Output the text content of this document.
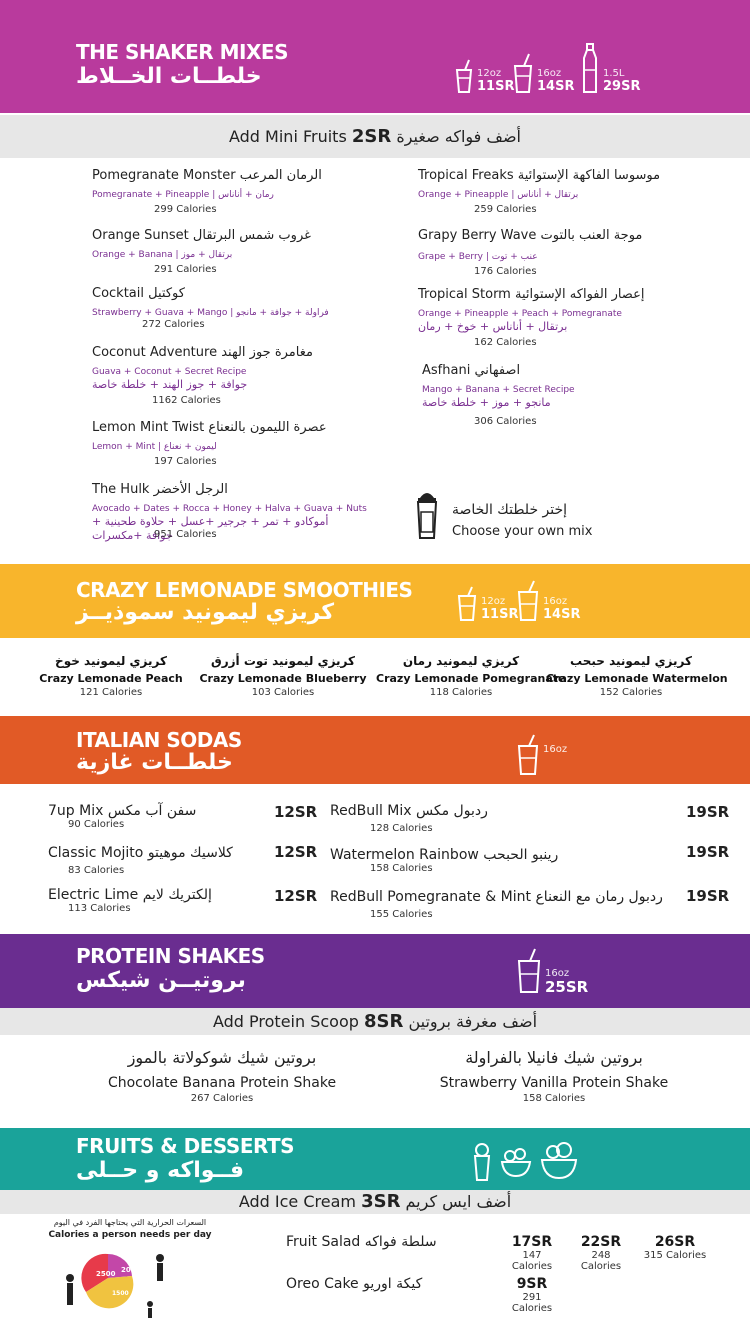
THE SHAKER MIXES
خلطــات الخــلاط	12oz
11SR
16oz
14SR
1.5L
29SR
Add Mini Fruits 2SR أضف فواكه صغيرة
Pomegranate Monster الرمان المرعب
Pomegranate + Pineapple | رمان + أناناس
299 Calories
Orange Sunset غروب شمس البرتقال
Orange + Banana | برتقال + موز
291 Calories
Cocktail كوكتيل
Strawberry + Guava + Mango | فراولة + جوافة + مانجو
272 Calories
Coconut Adventure مغامرة جوز الهند
Guava + Coconut + Secret Recipe
جوافة + جوز الهند + خلطة خاصة
1162 Calories
Lemon Mint Twist عصرة الليمون بالنعناع
Lemon + Mint | ليمون + نعناع
197 Calories
The Hulk الرجل الأخضر
Avocado + Dates + Rocca + Honey + Halva + Guava + Nuts
أموكادو + تمر + جرجير +عسل + حلاوة طحينية + جوافة +مكسرات
951 Calories
Tropical Freaks موسوسا الفاكهة الإستوائية
Orange + Pineapple | برتقال + أناناس
259 Calories
Grapy Berry Wave موجة العنب بالتوت
Grape + Berry | عنب + توت
176 Calories
Tropical Storm إعصار الفواكه الإستوائية
Orange + Pineapple + Peach + Pomegranate
برتقال + أناناس + خوخ + رمان
162 Calories
Asfhani اصفهاني
Mango + Banana + Secret Recipe
مانجو + موز + خلطة خاصة
306 Calories
إختر خلطتك الخاصة
Choose your own mix
CRAZY LEMONADE SMOOTHIES
كريزي ليمونيد سموذيــز	12oz
11SR
16oz
14SR
كريزي ليمونيد خوخ
Crazy Lemonade Peach
121 Calories
كريزي ليمونيد توت أزرق
Crazy Lemonade Blueberry
103 Calories
كريزي ليمونيد رمان
Crazy Lemonade Pomegranate
118 Calories
كريزي ليمونيد حبحب
Crazy Lemonade Watermelon
152 Calories
ITALIAN SODAS
خلطــات غازية
16oz
7up Mix سفن آب مكس
90 Calories
12SR
Classic Mojito كلاسيك موهيتو
83 Calories
12SR
Electric Lime إلكتريك لايم
113 Calories
12SR
RedBull Mix ردبول مكس
128 Calories
19SR
Watermelon Rainbow رينبو الحبحب
158 Calories
19SR
RedBull Pomegranate & Mint ردبول رمان مع النعناع
155 Calories
19SR
PROTEIN SHAKES
بروتيــن شيكس	16oz
25SR
Add Protein Scoop 8SR أضف مغرفة بروتين
بروتين شيك شوكولاتة بالموز
Chocolate Banana Protein Shake
267 Calories
بروتين شيك فانيلا بالفراولة
Strawberry Vanilla Protein Shake
158 Calories
FRUITS & DESSERTS
فــواكه و حــلى
Add Ice Cream 3SR أضف ايس كريم
السعرات الحرارية التي يحتاجها الفرد في اليوم
Calories a person needs per day
2500 2000
1500
Fruit Salad سلطة فواكه	17SR
147 Calories
22SR
248 Calories
26SR
315 Calories
Oreo Cake كيكة اوريو	9SR
291 Calories
